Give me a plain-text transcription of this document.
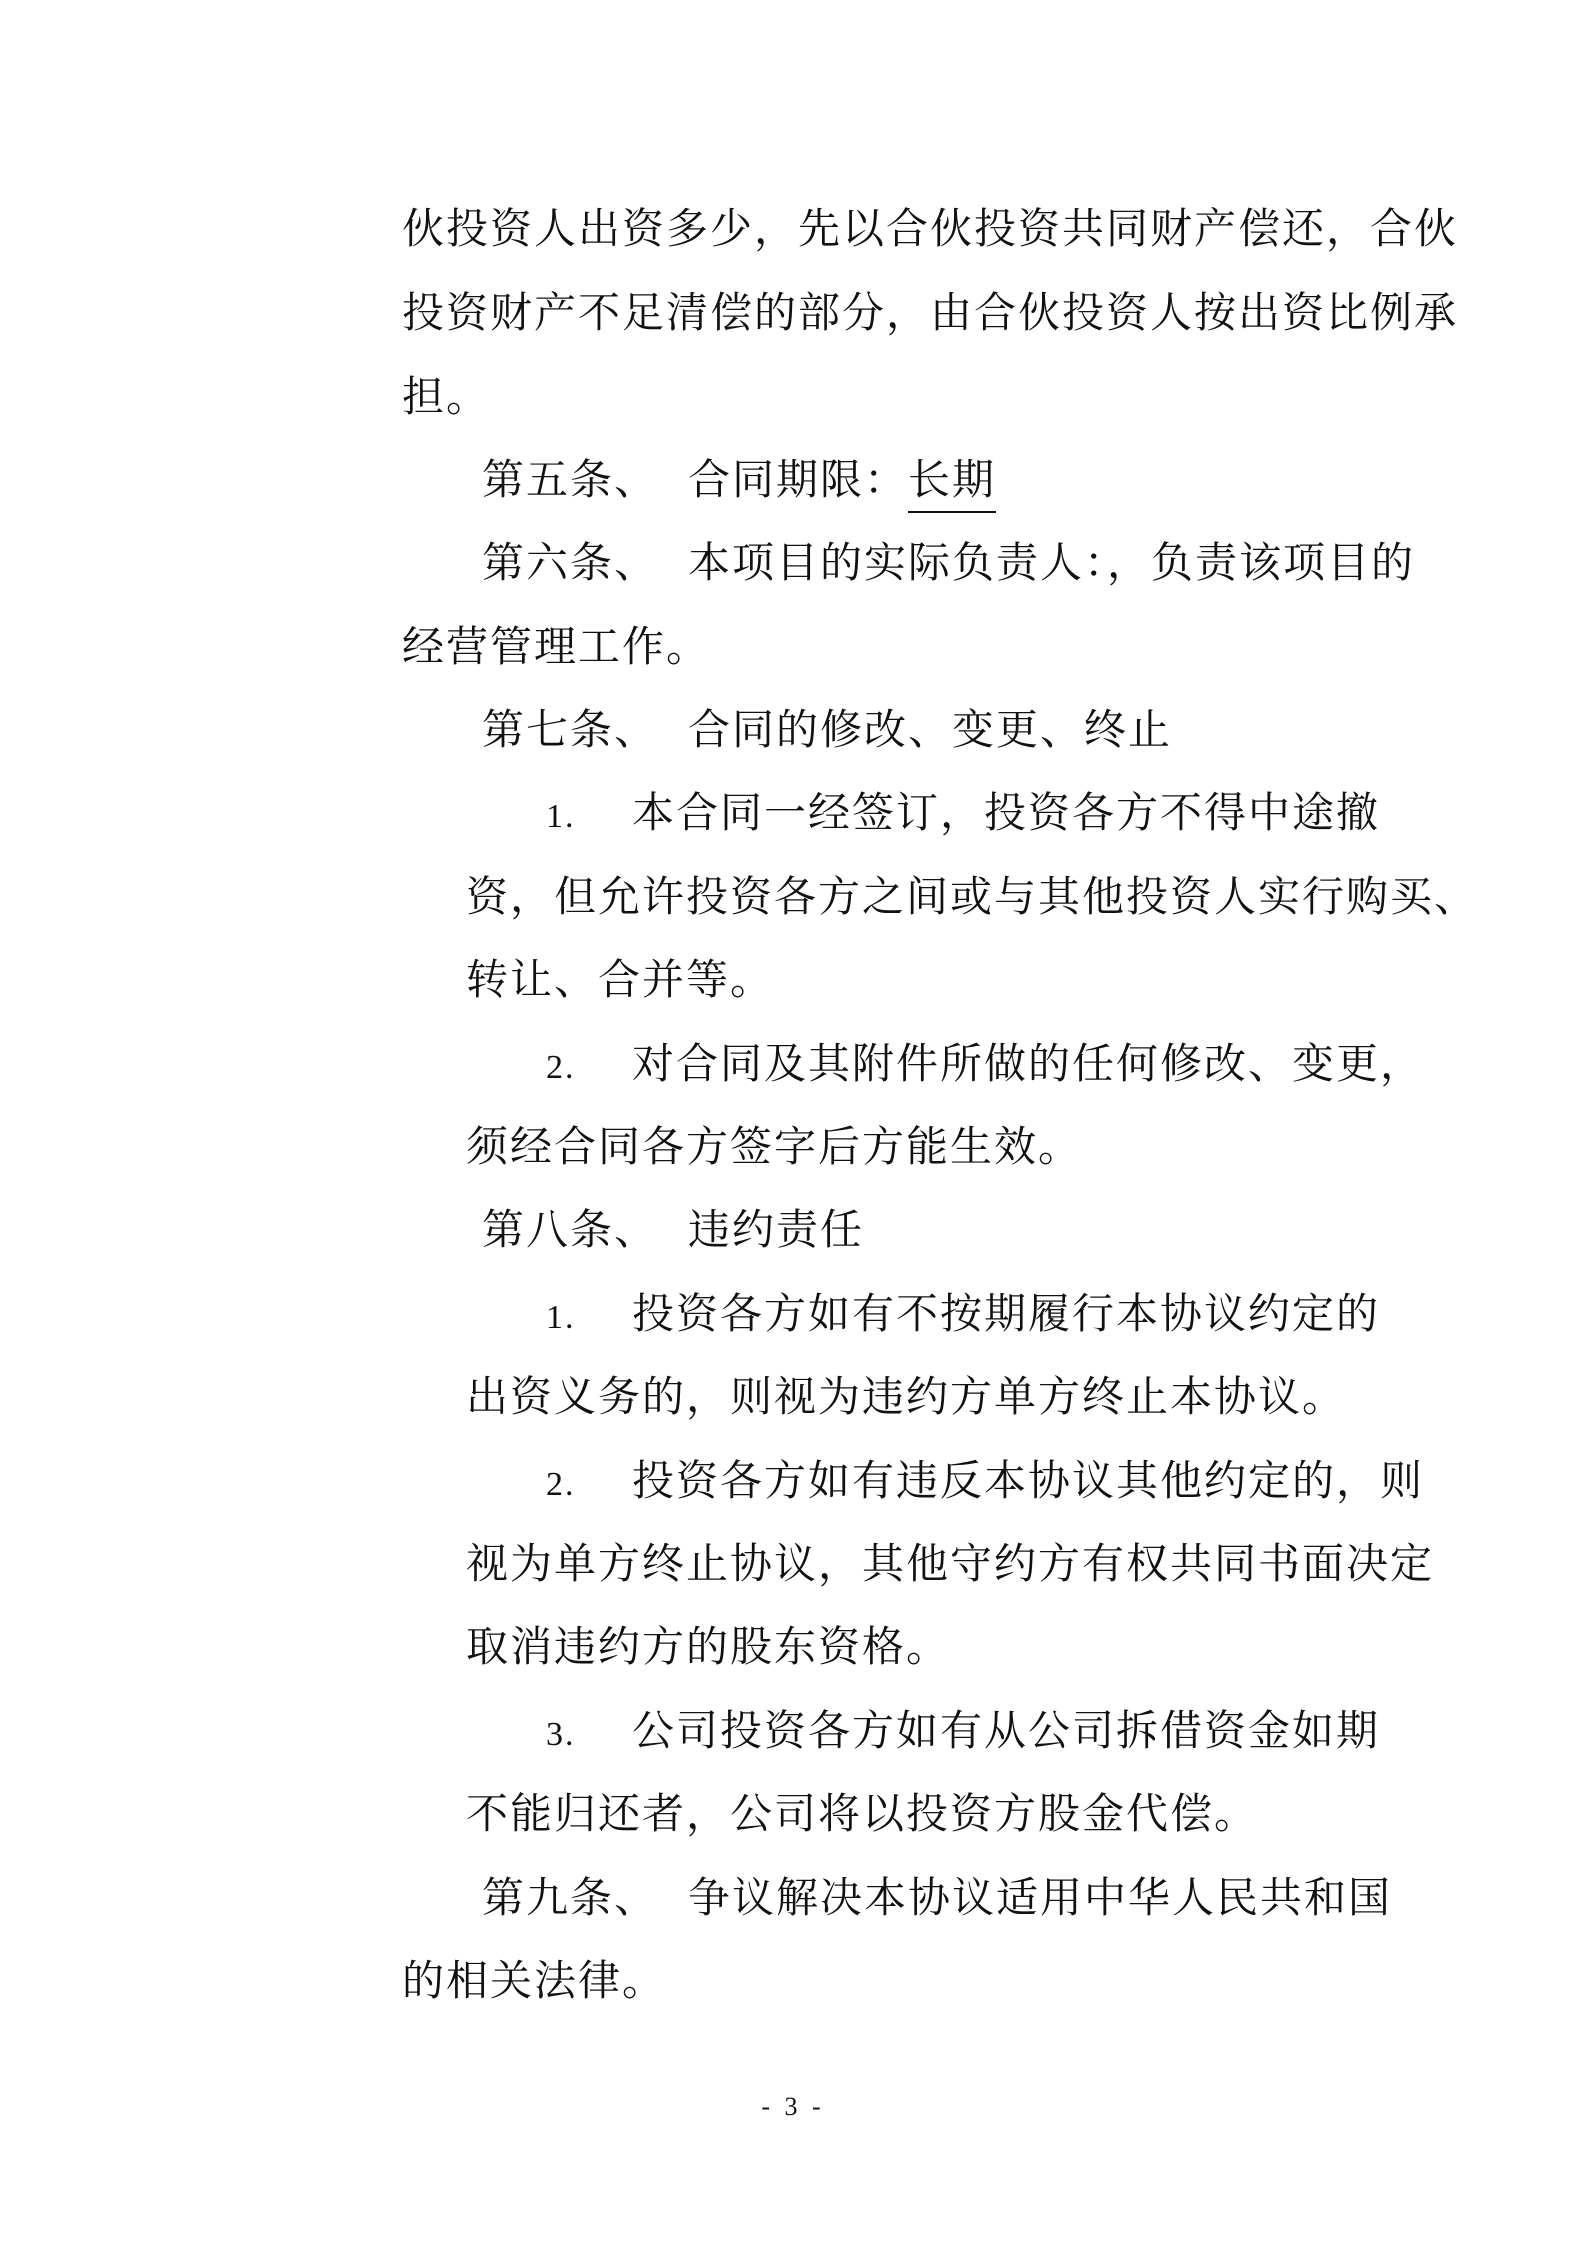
伙投资人出资多少，先以合伙投资共同财产偿还，合伙
投资财产不足清偿的部分，由合伙投资人按出资比例承
担。
第五条、 合同期限：长期
第六条、 本项目的实际负责人：，负责该项目的
经营管理工作。
第七条、 合同的修改、变更、终止
1. 本合同一经签订，投资各方不得中途撤
资，但允许投资各方之间或与其他投资人实行购买、
转让、合并等。
2. 对合同及其附件所做的任何修改、变更，
须经合同各方签字后方能生效。
第八条、 违约责任
1. 投资各方如有不按期履行本协议约定的
出资义务的，则视为违约方单方终止本协议。
2. 投资各方如有违反本协议其他约定的，则
视为单方终止协议，其他守约方有权共同书面决定
取消违约方的股东资格。
3. 公司投资各方如有从公司拆借资金如期
不能归还者，公司将以投资方股金代偿。
第九条、 争议解决本协议适用中华人民共和国
的相关法律。
- 3 -
